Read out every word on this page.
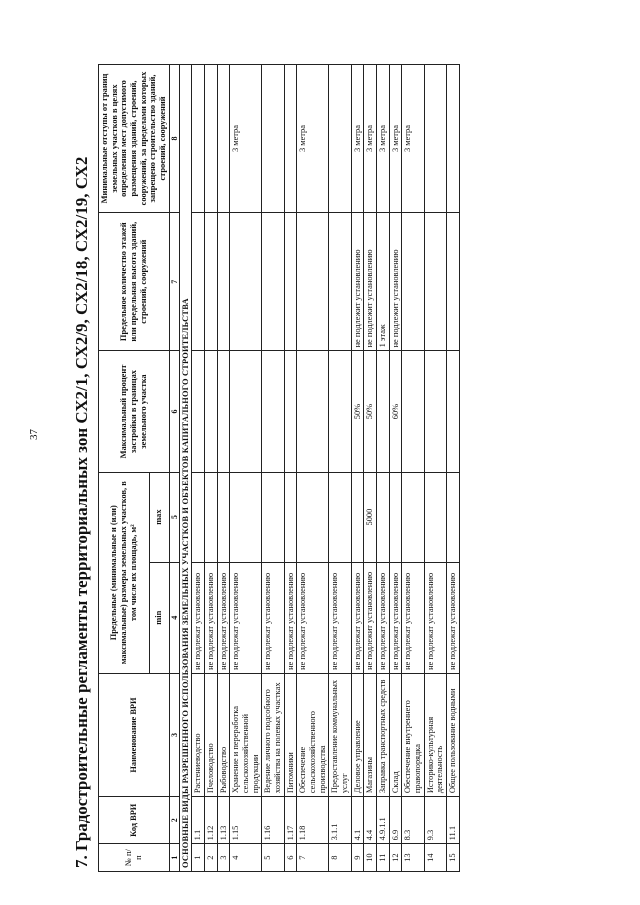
37 7. Градостроительные регламенты территориальных зон СХ2/1, СХ2/9, СХ2/18, СХ2/19, СХ2	№ п/п	Код ВРИ	Наименование ВРИ	Предельные (минимальные и (или) максимальные) размеры земельных участков, в том числе их площадь, м²		Максимальный процент застройки в границах земельного участка	Предельное количество этажей или предельная высота зданий, строений, сооружений	Минимальные отступы от границ земельных участков в целях определения мест допустимого размещения зданий, строений, сооружений, за пределами которых запрещено строительство зданий, строений, сооружений
			min	max			
1	2	3	4	5	6	7	8
ОСНОВНЫЕ ВИДЫ РАЗРЕШЕННОГО ИСПОЛЬЗОВАНИЯ ЗЕМЕЛЬНЫХ УЧАСТКОВ И ОБЪЕКТОВ КАПИТАЛЬНОГО СТРОИТЕЛЬСТВА							
1	1.1	Растениеводство	не подлежат установлению				
2	1.12	Пчеловодство	не подлежат установлению				
3	1.13	Рыбоводство	не подлежат установлению				
4	1.15	Хранение и переработка сельскохозяйственной продукции	не подлежат установлению				3 метра
5	1.16	Ведение личного подсобного хозяйства на полевых участках	не подлежат установлению				
6	1.17	Питомники	не подлежат установлению				
7	1.18	Обеспечение сельскохозяйственного производства	не подлежат установлению				3 метра
8	3.1.1	Предоставление коммунальных услуг	не подлежат установлению				
9	4.1	Деловое управление	не подлежат установлению		50%	не подлежит установлению	3 метра
10	4.4	Магазины	не подлежит установлению	5000	50%	не подлежит установлению	3 метра
11	4.9.1.1	Заправка транспортных средств	не подлежат установлению			1 этаж	3 метра
12	6.9	Склад	не подлежат установлению		60%	не подлежит установлению	3 метра
13	8.3	Обеспечение внутреннего правопорядка	не подлежат установлению				3 метра
14	9.3	Историко-культурная деятельность	не подлежат установлению				
15	11.1	Общее пользование водными	не подлежат установлению				
